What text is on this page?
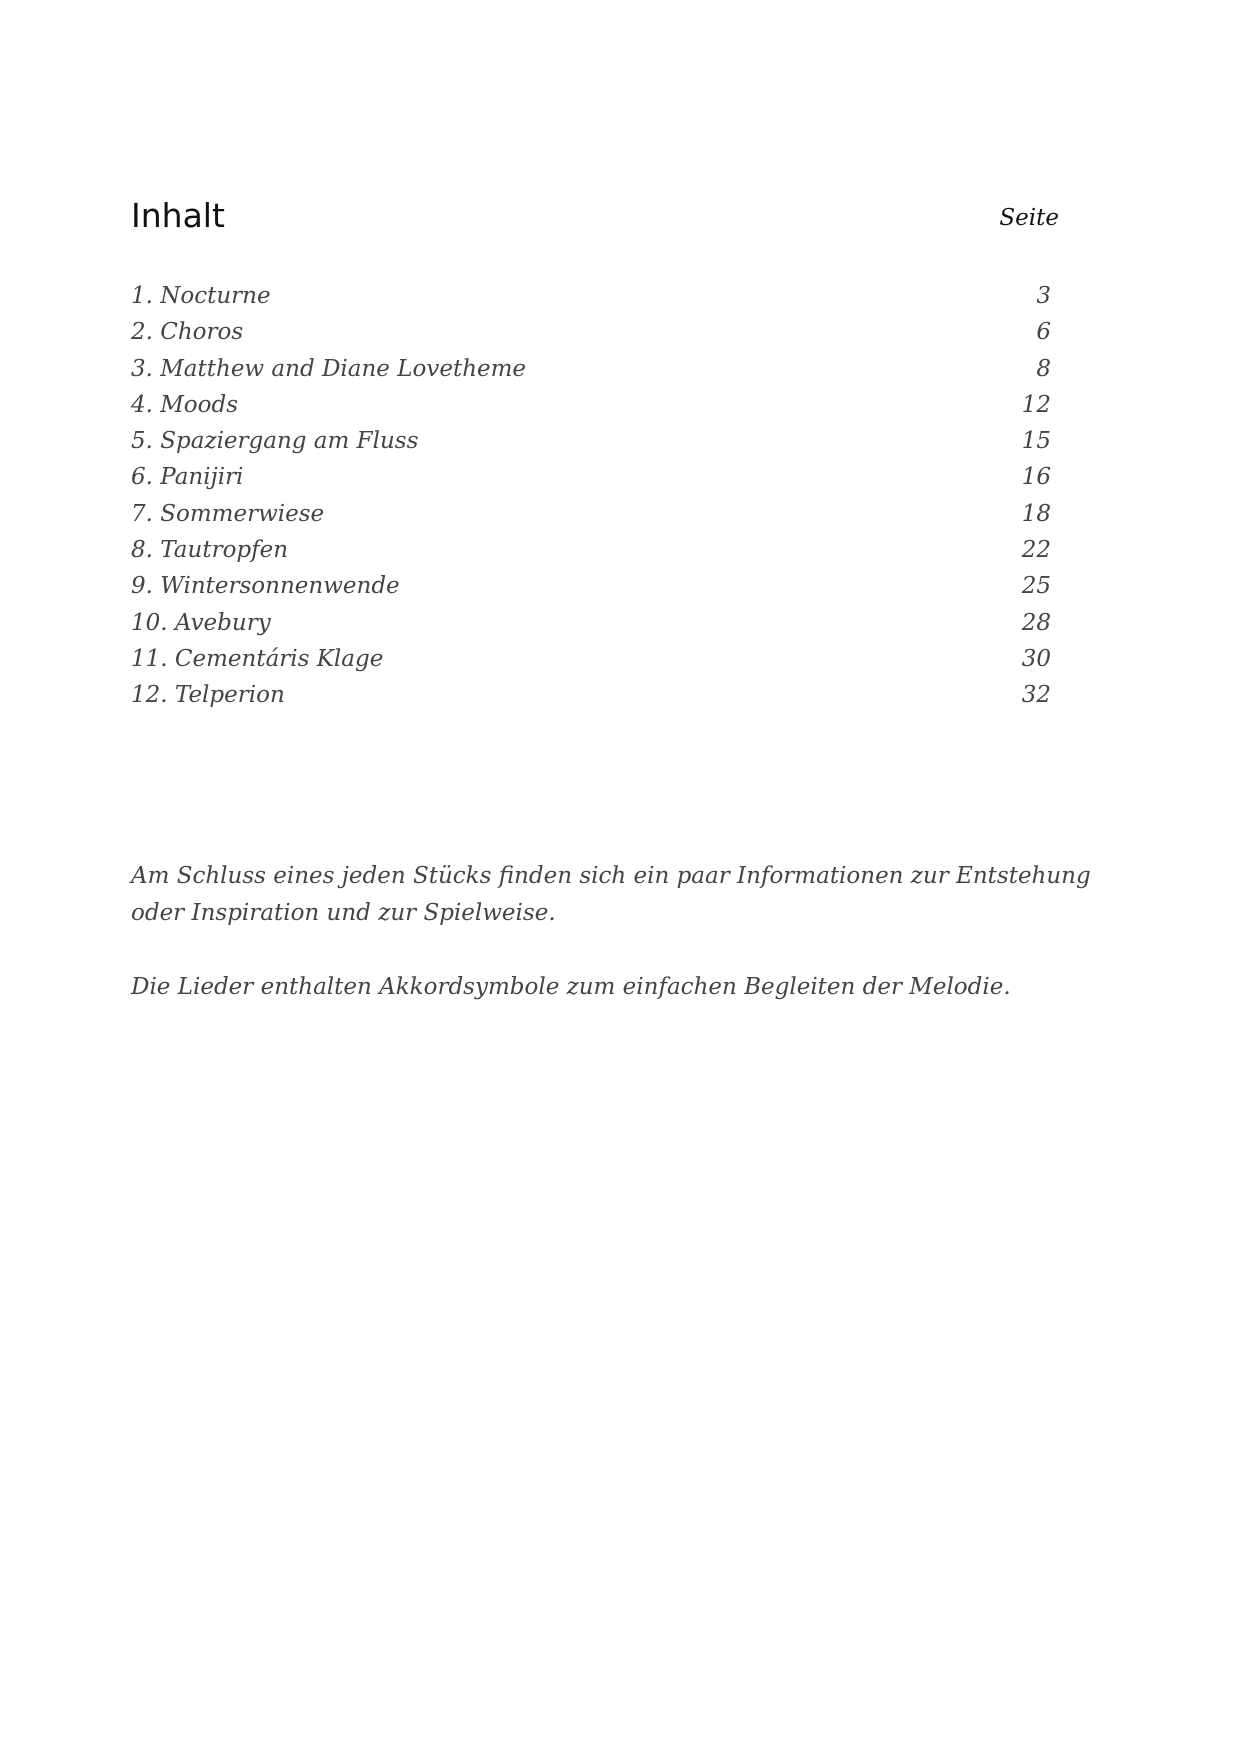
Inhalt	Seite
1. Nocturne	3
2. Choros	6
3. Matthew and Diane Lovetheme	8
4. Moods	12
5. Spaziergang am Fluss	15
6. Panijiri	16
7. Sommerwiese	18
8. Tautropfen	22
9. Wintersonnenwende	25
10. Avebury	28
11. Cementáris Klage	30
12. Telperion	32

Am Schluss eines jeden Stücks finden sich ein paar Informationen zur Entstehung oder Inspiration und zur Spielweise.

Die Lieder enthalten Akkordsymbole zum einfachen Begleiten der Melodie.
